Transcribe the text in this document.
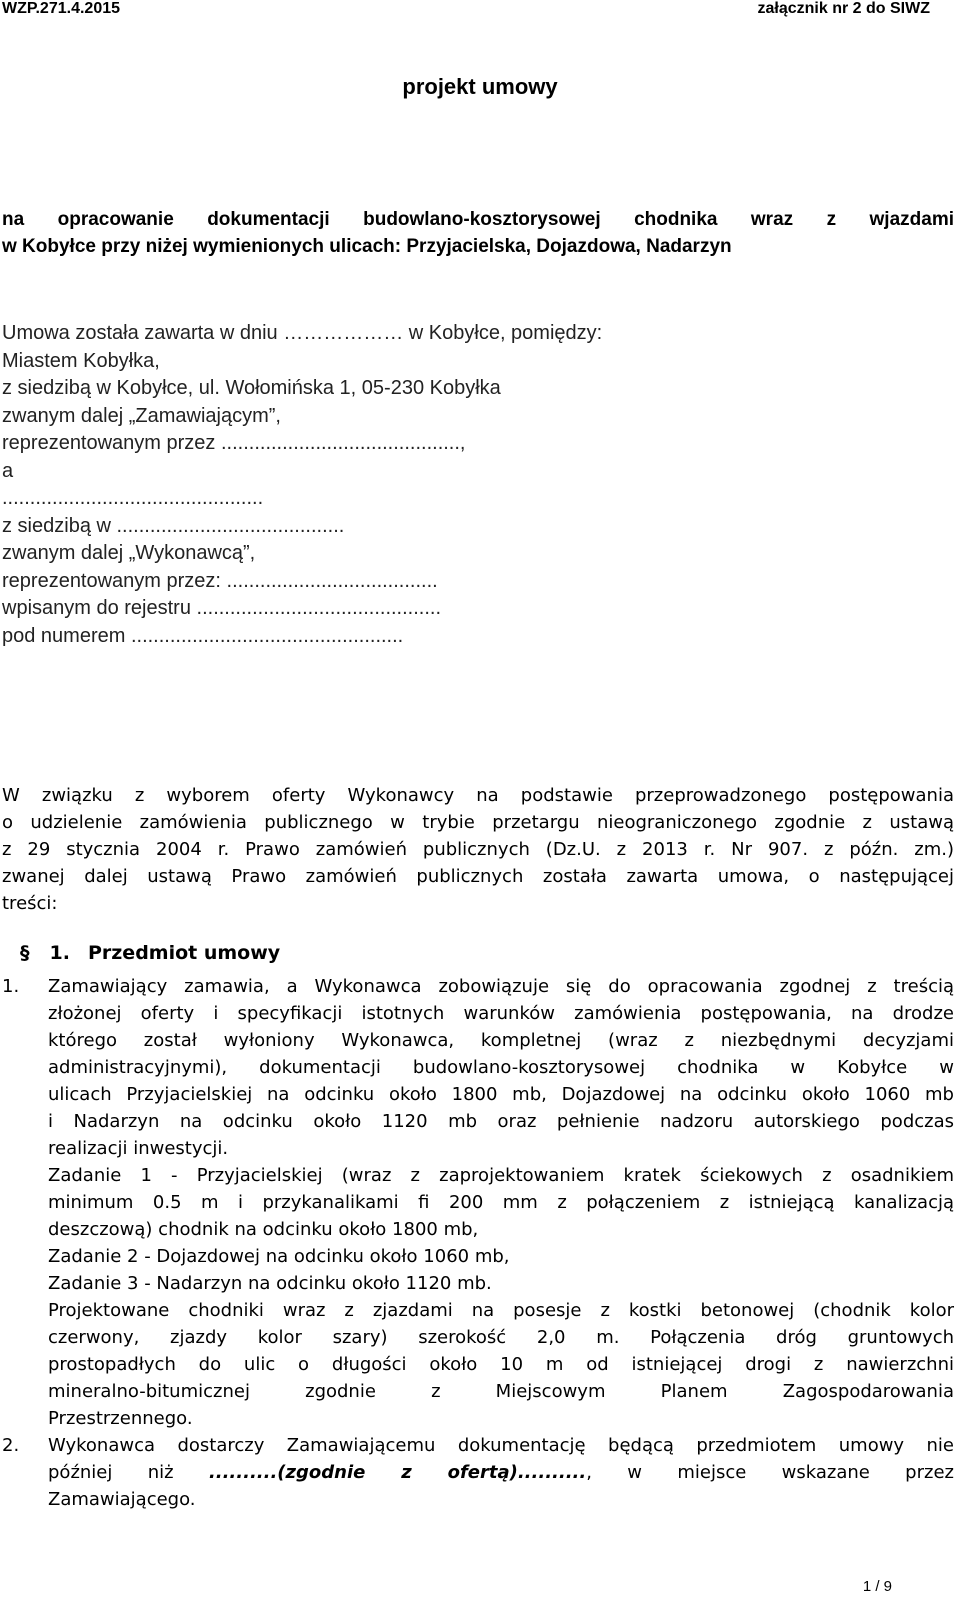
WZP.271.4.2015	załącznik nr 2 do SIWZ
projekt umowy
na opracowanie dokumentacji budowlano-kosztorysowej chodnika wraz z wjazdami
w Kobyłce przy niżej wymienionych ulicach: Przyjacielska, Dojazdowa, Nadarzyn
Umowa została zawarta w dniu ……………… w Kobyłce, pomiędzy:
Miastem Kobyłka,
z siedzibą w Kobyłce, ul. Wołomińska 1, 05-230 Kobyłka
zwanym dalej „Zamawiającym”,
reprezentowanym przez ...........................................,
a
...............................................
z siedzibą w .........................................
zwanym dalej „Wykonawcą”,
reprezentowanym przez: ......................................
wpisanym do rejestru ............................................
pod numerem .................................................
W związku z wyborem oferty Wykonawcy na podstawie przeprowadzonego postępowania
o udzielenie zamówienia publicznego w trybie przetargu nieograniczonego zgodnie z ustawą
z 29 stycznia 2004 r. Prawo zamówień publicznych (Dz.U. z 2013 r. Nr 907. z późn. zm.)
zwanej dalej ustawą Prawo zamówień publicznych została zawarta umowa, o następującej
treści:
§ 1. Przedmiot umowy
1. Zamawiający zamawia, a Wykonawca zobowiązuje się do opracowania zgodnej z treścią
złożonej oferty i specyfikacji istotnych warunków zamówienia postępowania, na drodze
którego został wyłoniony Wykonawca, kompletnej (wraz z niezbędnymi decyzjami
administracyjnymi), dokumentacji budowlano-kosztorysowej chodnika w Kobyłce w
ulicach Przyjacielskiej na odcinku około 1800 mb, Dojazdowej na odcinku około 1060 mb
i Nadarzyn na odcinku około 1120 mb oraz pełnienie nadzoru autorskiego podczas
realizacji inwestycji.
Zadanie 1 - Przyjacielskiej (wraz z zaprojektowaniem kratek ściekowych z osadnikiem
minimum 0.5 m i przykanalikami fi 200 mm z połączeniem z istniejącą kanalizacją
deszczową) chodnik na odcinku około 1800 mb,
Zadanie 2 - Dojazdowej na odcinku około 1060 mb,
Zadanie 3 - Nadarzyn na odcinku około 1120 mb.
Projektowane chodniki wraz z zjazdami na posesje z kostki betonowej (chodnik kolor
czerwony, zjazdy kolor szary) szerokość 2,0 m. Połączenia dróg gruntowych
prostopadłych do ulic o długości około 10 m od istniejącej drogi z nawierzchni
mineralno-bitumicznej zgodnie z Miejscowym Planem Zagospodarowania
Przestrzennego.
2. Wykonawca dostarczy Zamawiającemu dokumentację będącą przedmiotem umowy nie
później niż ..........(zgodnie z ofertą).........., w miejsce wskazane przez
Zamawiającego.
1 / 9
